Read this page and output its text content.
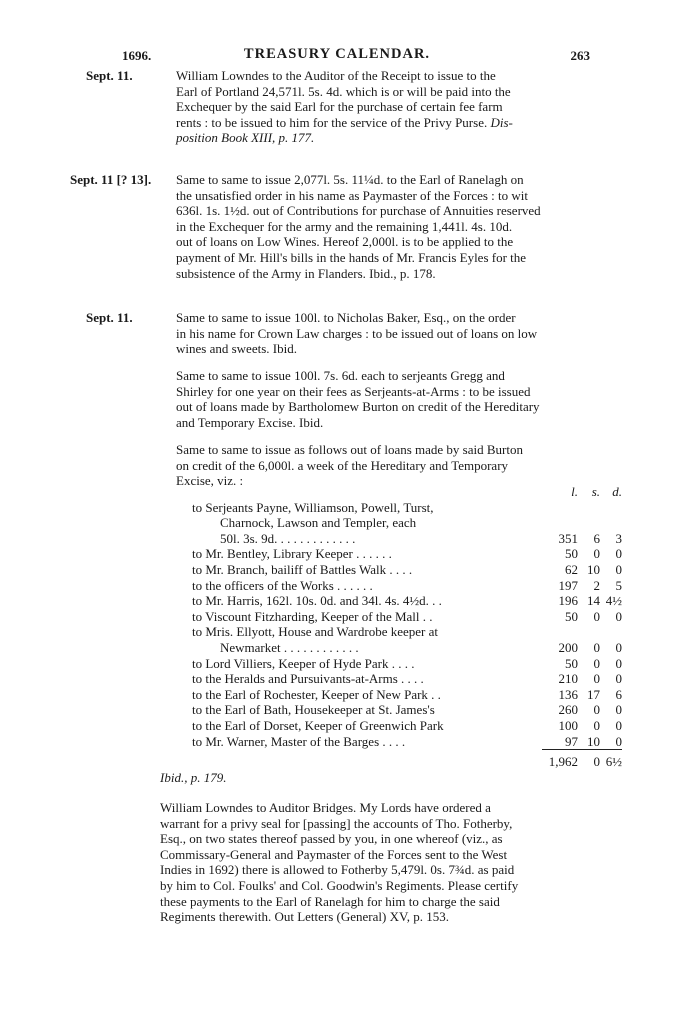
1696.	TREASURY CALENDAR.	263
Sept. 11.	William Lowndes to the Auditor of the Receipt to issue to the
Earl of Portland 24,571l. 5s. 4d. which is or will be paid into the
Exchequer by the said Earl for the purchase of certain fee farm
rents : to be issued to him for the service of the Privy Purse. Dis-
position Book XIII, p. 177.
Sept. 11 [? 13]. Same to same to issue 2,077l. 5s. 11¼d. to the Earl of Ranelagh on
the unsatisfied order in his name as Paymaster of the Forces : to wit
636l. 1s. 1½d. out of Contributions for purchase of Annuities reserved
in the Exchequer for the army and the remaining 1,441l. 4s. 10d.
out of loans on Low Wines. Hereof 2,000l. is to be applied to the
payment of Mr. Hill's bills in the hands of Mr. Francis Eyles for the
subsistence of the Army in Flanders. Ibid., p. 178.
Sept. 11.	Same to same to issue 100l. to Nicholas Baker, Esq., on the order
in his name for Crown Law charges : to be issued out of loans on low
wines and sweets. Ibid.
Same to same to issue 100l. 7s. 6d. each to serjeants Gregg and
Shirley for one year on their fees as Serjeants-at-Arms : to be issued
out of loans made by Bartholomew Burton on credit of the Hereditary
and Temporary Excise. Ibid.
Same to same to issue as follows out of loans made by said Burton
on credit of the 6,000l. a week of the Hereditary and Temporary
Excise, viz. :
	l.	s.	d.
to Serjeants Payne, Williamson, Powell, Turst,			
Charnock, Lawson and Templer, each			
50l. 3s. 9d. . . . . . . . . . . . .	351	6	3
to Mr. Bentley, Library Keeper . . . . . .	50	0	0
to Mr. Branch, bailiff of Battles Walk . . . .	62	10	0
to the officers of the Works . . . . . .	197	2	5
to Mr. Harris, 162l. 10s. 0d. and 34l. 4s. 4½d. . .	196	14	4½
to Viscount Fitzharding, Keeper of the Mall . .	50	0	0
to Mris. Ellyott, House and Wardrobe keeper at			
Newmarket . . . . . . . . . . . .	200	0	0
to Lord Villiers, Keeper of Hyde Park . . . .	50	0	0
to the Heralds and Pursuivants-at-Arms . . . .	210	0	0
to the Earl of Rochester, Keeper of New Park . .	136	17	6
to the Earl of Bath, Housekeeper at St. James's	260	0	0
to the Earl of Dorset, Keeper of Greenwich Park	100	0	0
to Mr. Warner, Master of the Barges . . . .	97	10	0
	1,962	0	6½
Ibid., p. 179.
William Lowndes to Auditor Bridges. My Lords have ordered a
warrant for a privy seal for [passing] the accounts of Tho. Fotherby,
Esq., on two states thereof passed by you, in one whereof (viz., as
Commissary-General and Paymaster of the Forces sent to the West
Indies in 1692) there is allowed to Fotherby 5,479l. 0s. 7¾d. as paid
by him to Col. Foulks' and Col. Goodwin's Regiments. Please certify
these payments to the Earl of Ranelagh for him to charge the said
Regiments therewith. Out Letters (General) XV, p. 153.
